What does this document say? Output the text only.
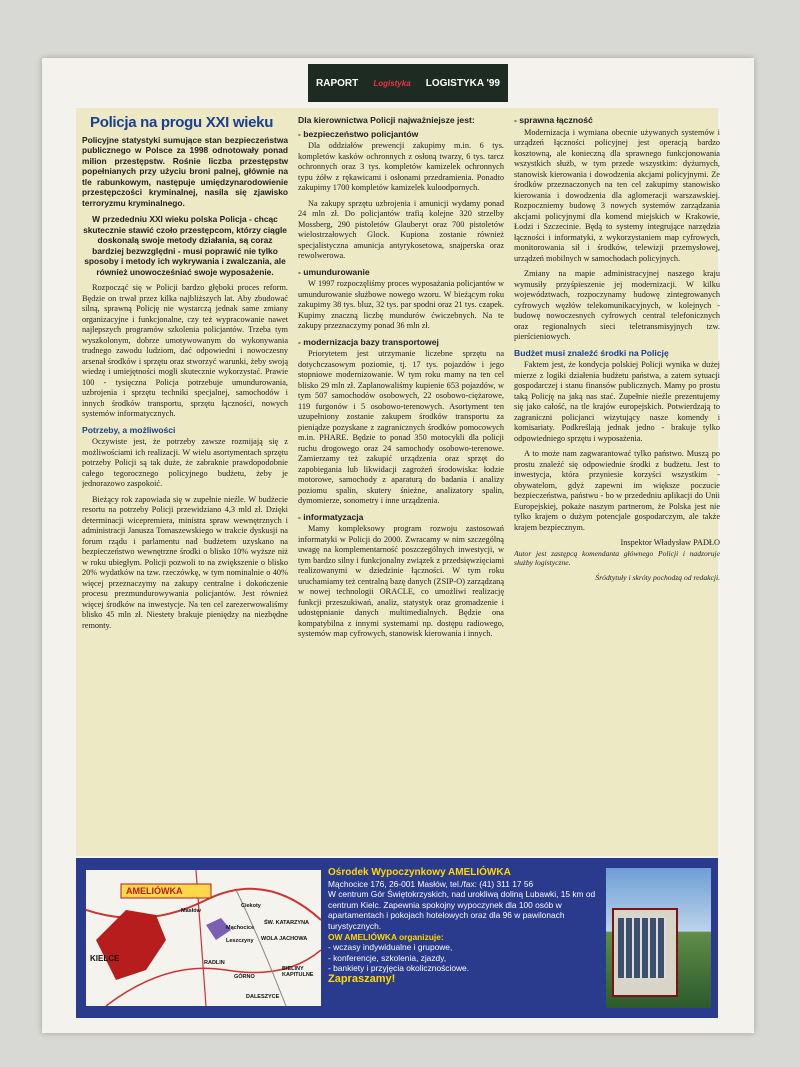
RAPORT Logistyka LOGISTYKA '99
Policja na progu XXI wieku
Policyjne statystyki sumujące stan bezpieczeństwa publicznego w Polsce za 1998 odnotowały ponad milion przestępstw. Rośnie liczba przestępstw popełnianych przy użyciu broni palnej, głównie na tle rabunkowym, następuje umiędzynarodowienie przestępczości kryminalnej, nasila się zjawisko terroryzmu kryminalnego.
W przededniu XXI wieku polska Policja - chcąc skutecznie stawić czoło przestępcom, którzy ciągle doskonalą swoje metody działania, są coraz bardziej bezwzględni - musi poprawić nie tylko sposoby i metody ich wykrywania i zwalczania, ale również unowocześniać swoje wyposażenie.

Rozpocząć się w Policji bardzo głęboki proces reform. Będzie on trwał przez kilka najbliższych lat. Aby zbudować silną, sprawną Policję nie wystarczą jednak same zmiany organizacyjne i funkcjonalne, czy też wypracowanie nawet najlepszych programów szkolenia policjantów. Trzeba tym wyszkolonym, dobrze umotywowanym do wykonywania trudnego zawodu ludziom, dać odpowiedni i nowoczesny arsenał środków i sprzętu oraz stworzyć warunki, żeby swoją wiedzę i umiejętności mogli skutecznie wykorzystać. Prawie 100 - tysięczna Policja potrzebuje umundurowania, uzbrojenia i sprzętu techniki specjalnej, samochodów i innych środków transportu, sprzętu łączności, nowych systemów informatycznych.

Potrzeby, a możliwości

Oczywiste jest, że potrzeby zawsze rozmijają się z możliwościami ich realizacji. W wielu asortymentach sprzętu potrzeby Policji są tak duże, że zabraknie prawdopodobnie całego tegorocznego policyjnego budżetu, żeby je jednorazowo zaspokoić.

Bieżący rok zapowiada się w zupełnie nieźle. W budżecie resortu na potrzeby Policji przewidziano 4,3 mld zł. Dzięki determinacji wicepremiera, ministra spraw wewnętrznych i administracji Janusza Tomaszewskiego w trakcie dyskusji na forum rządu i parlamentu nad budżetem uzyskano na bezpieczeństwo wewnętrzne środki o blisko 10% wyższe niż w roku ubiegłym. Policji pozwoli to na zwiększenie o blisko 20% wydatków na tzw. rzeczówkę, w tym nominalnie o 40% więcej przeznaczymy na zakupy centralne i dokończenie procesu prezmundurowywania policjantów. Jest również więcej środków na inwestycje. Na ten cel zarezerwowaliśmy blisko 45 mln zł. Niestety brakuje pieniędzy na niezbędne remonty.

Dla kierownictwa Policji najważniejsze jest:
- bezpieczeństwo policjantów

Dla oddziałów prewencji zakupimy m.in. 6 tys. kompletów kasków ochronnych z osłoną twarzy, 6 tys. tarcz ochronnych oraz 3 tys. kompletów kamizelek ochronnych typu żółw z rękawicami i osłonami przedramienia. Ponadto zakupimy 1700 kompletów kamizelek kuloodpornych.

Na zakupy sprzętu uzbrojenia i amunicji wydamy ponad 24 mln zł. Do policjantów trafią kolejne 320 strzelby Mossberg, 290 pistoletów Glauberyt oraz 700 pistoletów wielostrzałowych Glock. Kupiona zostanie również specjalistyczna amunicja antyrykosetowa, snajperska oraz rewolwerowa.

- umundurowanie

W 1997 rozpoczęliśmy proces wyposażania policjantów w umundurowanie służbowe nowego wzoru. W bieżącym roku zakupimy 38 tys. bluz, 32 tys. par spodni oraz 21 tys. czapek. Kupimy znaczną liczbę mundurów ćwiczebnych. Na te zakupy przeznaczymy ponad 36 mln zł.

- modernizacja bazy transportowej

Priorytetem jest utrzymanie liczebne sprzętu na dotychczasowym poziomie, tj. 17 tys. pojazdów i jego stopniowe modernizowanie. W tym roku mamy na ten cel blisko 29 mln zł. Zaplanowaliśmy kupienie 653 pojazdów, w tym 507 samochodów osobowych, 22 osobowo-ciężarowe, 119 furgonów i 5 osobowo-terenowych. Asortyment ten uzupełniony zostanie zakupem środków transportu za pieniądze pozyskane z zagranicznych środków pomocowych m.in. PHARE. Będzie to ponad 350 motocykli dla policji ruchu drogowego oraz 24 samochody osobowo-terenowe. Zamierzamy też zakupić urządzenia oraz sprzęt do zapobiegania lub likwidacji zagrożeń środowiska: łodzie motorowe, samochody z aparaturą do badania i analizy poziomu spalin, skutery śnieżne, analizatory spalin, dymomierze, sonometry i inne urządzenia.

- informatyzacja

Mamy kompleksowy program rozwoju zastosowań informatyki w Policji do 2000. Zwracamy w nim szczególną uwagę na komplementarność poszczególnych inwestycji, w tym bardzo silny i funkcjonalny związek z przedsięwzięciami realizowanymi w dziedzinie łączności. W tym roku uruchamiamy też centralną bazę danych (ZSIP-O) zarządzaną w nowej technologii ORACLE, co umożliwi realizację funkcji przeszukiwań, analiz, statystyk oraz gromadzenie i udostępnianie danych multimedialnych. Będzie ona kompatybilna z innymi systemami np. dostępu radiowego, systemów map cyfrowych, stanowisk kierowania i innych.

- sprawna łączność

Modernizacja i wymiana obecnie używanych systemów i urządzeń łączności policyjnej jest operacją bardzo kosztowną, ale konieczną dla sprawnego funkcjonowania wszystkich służb, w tym przede wszystkim: dyżurnych, stanowisk kierowania i dowodzenia akcjami policyjnymi. Ze środków przeznaczonych na ten cel zakupimy stanowisko kierowania i dowodzenia dla aglomeracji warszawskiej. Rozpoczniemy budowę 3 nowych systemów zarządzania akcjami policyjnymi dla komend miejskich w Krakowie, Łodzi i Szczecinie. Będą to systemy integrujące narzędzia łączności i informatyki, z wykorzystaniem map cyfrowych, monitorowania sił i środków, telewizji przemysłowej, urządzeń mobilnych w samochodach policyjnych.

Zmiany na mapie administracyjnej naszego kraju wymusiły przyśpieszenie jej modernizacji. W kilku województwach, rozpoczynamy budowę zintegrowanych cyfrowych węzłów telekomunikacyjnych, w kolejnych - budowę nowoczesnych cyfrowych central telefonicznych oraz regionalnych sieci teletransmisyjnych tzw. pierścieniowych.

Budżet musi znaleźć środki na Policję

Faktem jest, że kondycja polskiej Policji wynika w dużej mierze z logiki działenia budżetu państwa, a zatem sytuacji gospodarczej i stanu finansów publicznych. Mamy po prostu taką Policję na jaką nas stać. Zupełnie nieźle prezentujemy się jako całość, na tle krajów europejskich. Potwierdzają to zagraniczni policjanci wizytujący nasze komendy i komisariaty. Podkreślają jednak jedno - brakuje tylko odpowiedniego sprzętu i wyposażenia.

A to może nam zagwarantować tylko państwo. Muszą po prostu znaleźć się odpowiednie środki z budżetu. Jest to inwestycja, która przyniesie korzyści wszystkim - obywatelom, gdyż zapewni im większe poczucie bezpieczeństwa, państwu - bo w przededniu aplikacji do Unii Europejskiej, pokaże naszym partnerom, że Polska jest nie tylko krajem o dużym potencjale gospodarczym, ale także krajem bezpiecznym.

Inspektor Władysław PADŁO

Autor jest zastępcą komendanta głównego Policji i nadzoruje służby logistyczne.

Śródtytuły i skróty pochodzą od redakcji.

AMELIÓWKA
KIELCE
Masłów
Ciekoty
Mąchocice
ŚW. KATARZYNA
Leszczyny WOLA JACHOWA
RADLIN
GÓRNO
BIELINY KAPITULNE
DALESZYCE
Ośrodek Wypoczynkowy AMELIÓWKA
Mąchocice 176, 26-001 Masłów, tel./fax: (41) 311 17 56
W centrum Gór Świętokrzyskich, nad urokliwą doliną Lubawki, 15 km od centrum Kielc. Zapewnia spokojny wypoczynek dla 100 osób w apartamentach i pokojach hotelowych oraz dla 96 w pawilonach turystycznych.
OW AMELIÓWKA organizuje:
- wczasy indywidualne i grupowe,
- konferencje, szkolenia, zjazdy,
- bankiety i przyjęcia okolicznościowe.
Zapraszamy!
